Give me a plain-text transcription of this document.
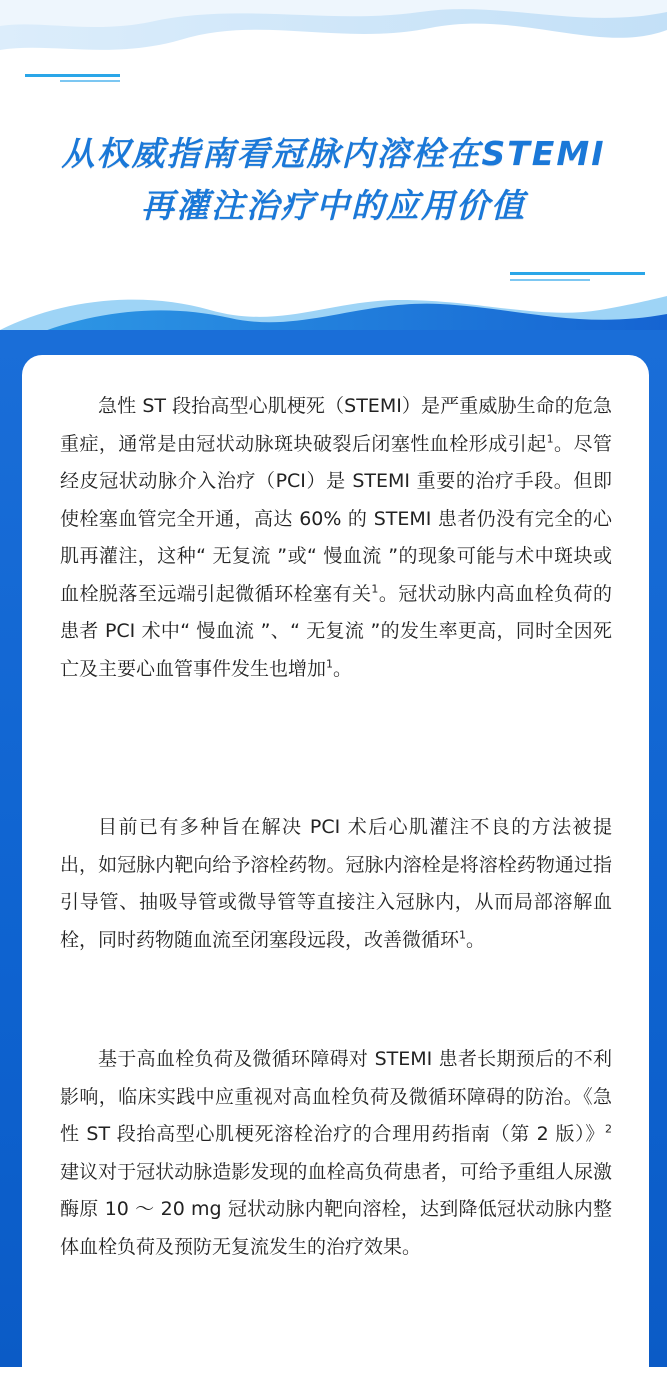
从权威指南看冠脉内溶栓在STEMI
再灌注治疗中的应用价值

急性 ST 段抬高型心肌梗死（STEMI）是严重威胁生命的危急重症，通常是由冠状动脉斑块破裂后闭塞性血栓形成引起$^1$。尽管经皮冠状动脉介入治疗（PCI）是 STEMI 重要的治疗手段。但即使栓塞血管完全开通，高达 60% 的 STEMI 患者仍没有完全的心肌再灌注，这种“ 无复流 ”或“ 慢血流 ”的现象可能与术中斑块或血栓脱落至远端引起微循环栓塞有关$^1$。冠状动脉内高血栓负荷的患者 PCI 术中“ 慢血流 ”、“ 无复流 ”的发生率更高，同时全因死亡及主要心血管事件发生也增加$^1$。

目前已有多种旨在解决 PCI 术后心肌灌注不良的方法被提出，如冠脉内靶向给予溶栓药物。冠脉内溶栓是将溶栓药物通过指引导管、抽吸导管或微导管等直接注入冠脉内，从而局部溶解血栓，同时药物随血流至闭塞段远段，改善微循环$^1$。

基于高血栓负荷及微循环障碍对 STEMI 患者长期预后的不利影响，临床实践中应重视对高血栓负荷及微循环障碍的防治。《急性 ST 段抬高型心肌梗死溶栓治疗的合理用药指南（第 2 版）》$^2$ 建议对于冠状动脉造影发现的血栓高负荷患者，可给予重组人尿激酶原 10 ～ 20 mg 冠状动脉内靶向溶栓，达到降低冠状动脉内整体血栓负荷及预防无复流发生的治疗效果。
